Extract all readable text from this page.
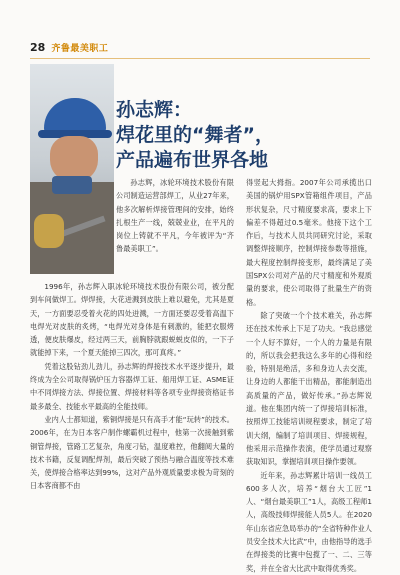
28 齐鲁最美职工
孙志辉：
焊花里的“舞者”，
产品遍布世界各地

孙志辉，冰轮环境技术股份有限公司制造运营部焊工，从业27年来，他多次解析焊接管理间的安排，始终扎根生产一线，兢兢业业，在平凡的岗位上铸就不平凡，今年被评为“齐鲁最美职工”。

1996年，孙志辉入职冰轮环境技术股份有限公司，被分配到车间做焊工。焊焊接，大花迸溅到皮肤上难以避免，尤其是夏天，一方面要忍受着火花的四处迸溅，一方面还要忍受着高温下电焊光对皮肤的炙烤，“电焊光对身体是有刺激的，能把衣服烤透，便皮肤爆皮，经过两三天，前胸脖就跟蜕蜕皮似的，一下子就能掉下来，一个夏天能掉三四次，那可真疼。”

凭着这股钻劲儿劲儿，孙志辉的焊接技术水平逐步提升，最终成为全公司取得锅炉压力容器焊工证、船用焊工证、ASME证中不同焊接方法、焊接位置、焊接材料等各项专业焊接资格证书最多最全、技能水平最高的全能技师。

业内人士都知道，紫铜焊接是只有高手才能“玩转”的技术。2006年，在为日本客户制作螺霸机过程中，他第一次接触到紫铜管焊接，管路工艺复杂，角度刁钻，温度难控，他翻阅大量的技术书籍，反复调配焊剂，最后突破了预热与融合温度等技术难关，使焊接合格率达到99%，这对产品外观质量要求极为苛刻的日本客商都不由

得竖起大拇指。2007年公司承揽出口美国的锅炉用SPX管箱组件项目，产品形状复杂，尺寸精度要求高，要求上下偏差不得超过0.5毫米。他接下这个工作后，与技术人员共同研究讨论，采取调整焊接顺序，控制焊接参数等措施，最大程度控制焊接变形，最终满足了美国SPX公司对产品的尺寸精度和外观质量的要求，使公司取得了批量生产的资格。

除了突破一个个技术难关，孙志辉还在技术传承上下足了功夫。“我总感觉一个人好不算好，一个人的力量是有限的，所以我会把我这么多年的心得和经验，特别是绝活，多和身边人去交流，让身边的人都能干出精品，都能制造出高质量的产品，做好传承。”孙志辉说道。他在集团内统一了焊接培训标准，按照焊工技能培训规程要求，制定了培训大纲，编制了培训项目、焊接规程，他采用示范操作表演，使学员通过观察获取知识，掌握培训项目操作要领。

近年来，孙志辉累计培训一线员工600多人次，培养“烟台大工匠”1人、“烟台最美职工”1人，高级工程师1人，高级技师焊接能人员5人。在2020年山东省应急局举办的“全省特种作业人员安全技术大比武”中，由他指导的选手在焊接类的比赛中包揽了一、二、三等奖，并在全省大比武中取得优秀奖。
